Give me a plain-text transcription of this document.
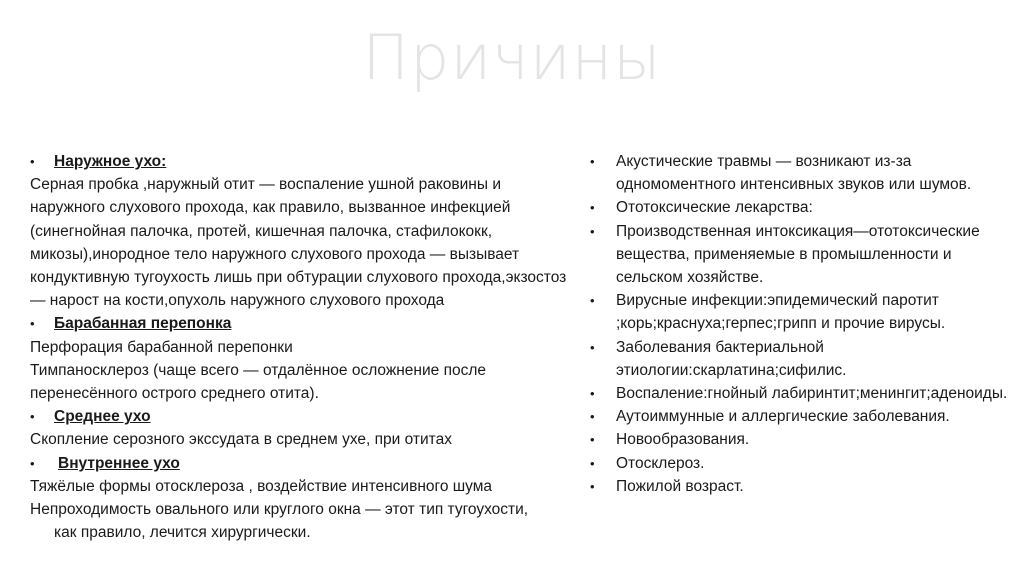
Причины
•	Наружное ухо:
Серная пробка ,наружный отит — воспаление ушной раковины и наружного слухового прохода, как правило, вызванное инфекцией (синегнойная палочка, протей, кишечная палочка, стафилококк, микозы),инородное тело наружного слухового прохода — вызывает кондуктивную тугоухость лишь при обтурации слухового прохода,экзостоз — нарост на кости,опухоль наружного слухового прохода
•	Барабанная перепонка
Перфорация барабанной перепонки
Тимпаносклероз (чаще всего — отдалённое осложнение после перенесённого острого среднего отита).
•	Среднее ухо
Скопление серозного экссудата в среднем ухе, при отитах
•	Внутреннее ухо
Тяжёлые формы отосклероза , воздействие интенсивного шума
Непроходимость овального или круглого окна — этот тип тугоухости, как правило, лечится хирургически.
•	Акустические травмы — возникают из-за одномоментного интенсивных звуков или шумов.
•	Ототоксические лекарства:
•	Производственная интоксикация—ототоксические вещества, применяемые в промышленности и сельском хозяйстве.
•	Вирусные инфекции:эпидемический паротит ;корь;краснуха;герпес;грипп и прочие вирусы.
•	Заболевания бактериальной этиологии:скарлатина;сифилис.
•	Воспаление:гнойный лабиринтит;менингит;аденоиды.
•	Аутоиммунные и аллергические заболевания.
•	Новообразования.
•	Отосклероз.
•	Пожилой возраст.
